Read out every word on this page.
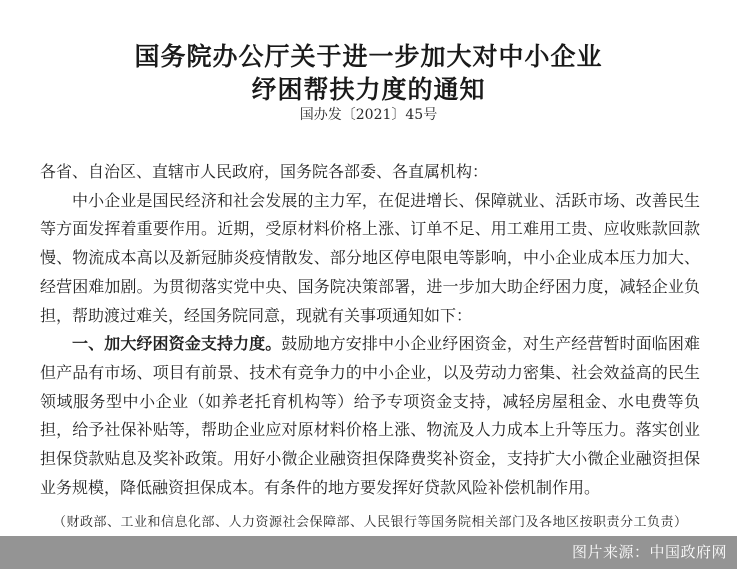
国务院办公厅关于进一步加大对中小企业
纾困帮扶力度的通知
国办发〔2021〕45号

各省、自治区、直辖市人民政府，国务院各部委、各直属机构：

中小企业是国民经济和社会发展的主力军，在促进增长、保障就业、活跃市场、改善民生等方面发挥着重要作用。近期，受原材料价格上涨、订单不足、用工难用工贵、应收账款回款慢、物流成本高以及新冠肺炎疫情散发、部分地区停电限电等影响，中小企业成本压力加大、经营困难加剧。为贯彻落实党中央、国务院决策部署，进一步加大助企纾困力度，减轻企业负担，帮助渡过难关，经国务院同意，现就有关事项通知如下：

一、加大纾困资金支持力度。鼓励地方安排中小企业纾困资金，对生产经营暂时面临困难但产品有市场、项目有前景、技术有竞争力的中小企业，以及劳动力密集、社会效益高的民生领域服务型中小企业（如养老托育机构等）给予专项资金支持，减轻房屋租金、水电费等负担，给予社保补贴等，帮助企业应对原材料价格上涨、物流及人力成本上升等压力。落实创业担保贷款贴息及奖补政策。用好小微企业融资担保降费奖补资金，支持扩大小微企业融资担保业务规模，降低融资担保成本。有条件的地方要发挥好贷款风险补偿机制作用。

（财政部、工业和信息化部、人力资源社会保障部、人民银行等国务院相关部门及各地区按职责分工负责）

图片来源：中国政府网
